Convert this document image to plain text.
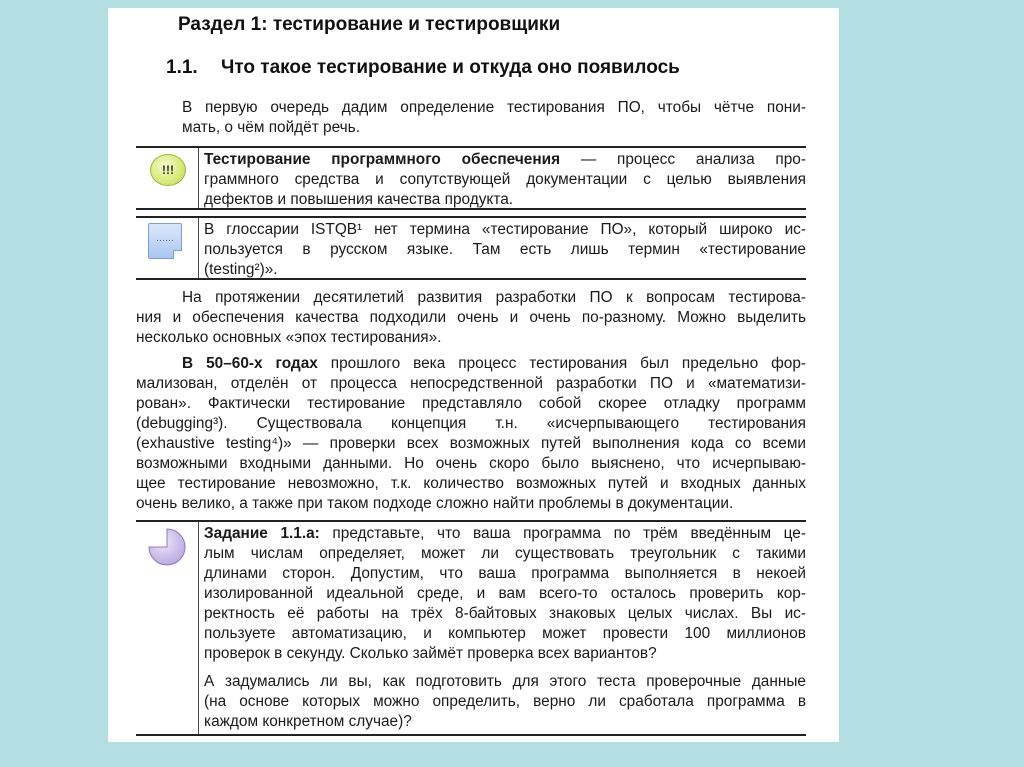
Раздел 1: тестирование и тестировщики
1.1. Что такое тестирование и откуда оно появилось

В первую очередь дадим определение тестирования ПО, чтобы чётче пони-
мать, о чём пойдёт речь.

!!!
Тестирование программного обеспечения — процесс анализа про-
граммного средства и сопутствующей документации с целью выявления
дефектов и повышения качества продукта.
……	В глоссарии ISTQB¹ нет термина «тестирование ПО», который широко ис-
пользуется в русском языке. Там есть лишь термин «тестирование
(testing²)».

На протяжении десятилетий развития разработки ПО к вопросам тестирова-
ния и обеспечения качества подходили очень и очень по-разному. Можно выделить
несколько основных «эпох тестирования».

В 50–60-х годах прошлого века процесс тестирования был предельно фор-
мализован, отделён от процесса непосредственной разработки ПО и «математизи-
рован». Фактически тестирование представляло собой скорее отладку программ
(debugging³). Существовала концепция т.н. «исчерпывающего тестирования
(exhaustive testing⁴)» — проверки всех возможных путей выполнения кода со всеми
возможными входными данными. Но очень скоро было выяснено, что исчерпываю-
щее тестирование невозможно, т.к. количество возможных путей и входных данных
очень велико, а также при таком подходе сложно найти проблемы в документации.

Задание 1.1.а: представьте, что ваша программа по трём введённым це-
лым числам определяет, может ли существовать треугольник с такими
длинами сторон. Допустим, что ваша программа выполняется в некоей
изолированной идеальной среде, и вам всего-то осталось проверить кор-
ректность её работы на трёх 8-байтовых знаковых целых числах. Вы ис-
пользуете автоматизацию, и компьютер может провести 100 миллионов
проверок в секунду. Сколько займёт проверка всех вариантов?
А задумались ли вы, как подготовить для этого теста проверочные данные
(на основе которых можно определить, верно ли сработала программа в
каждом конкретном случае)?
